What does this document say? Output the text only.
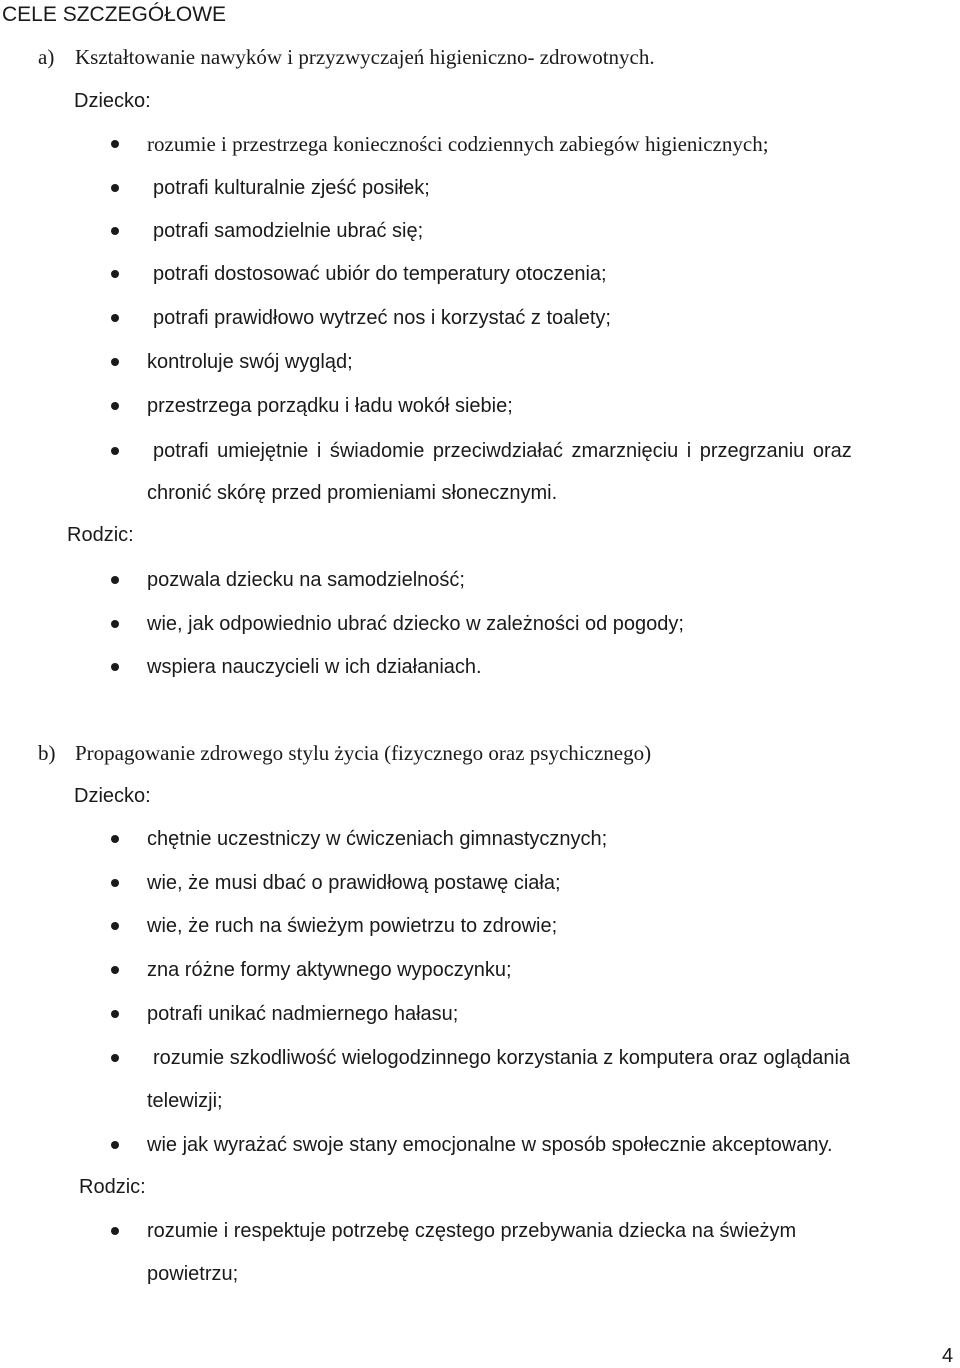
CELE SZCZEGÓŁOWE
a) Kształtowanie nawyków i przyzwyczajeń higieniczno- zdrowotnych.
Dziecko:
rozumie i przestrzega konieczności codziennych zabiegów higienicznych;
potrafi kulturalnie zjeść posiłek;
potrafi samodzielnie ubrać się;
potrafi dostosować ubiór do temperatury otoczenia;
potrafi prawidłowo wytrzeć nos i korzystać z toalety;
kontroluje swój wygląd;
przestrzega porządku i ładu wokół siebie;
potrafi umiejętnie i świadomie przeciwdziałać zmarznięciu i przegrzaniu oraz
chronić skórę przed promieniami słonecznymi.
Rodzic:
pozwala dziecku na samodzielność;
wie, jak odpowiednio ubrać dziecko w zależności od pogody;
wspiera nauczycieli w ich działaniach.
b) Propagowanie zdrowego stylu życia (fizycznego oraz psychicznego)
Dziecko:
chętnie uczestniczy w ćwiczeniach gimnastycznych;
wie, że musi dbać o prawidłową postawę ciała;
wie, że ruch na świeżym powietrzu to zdrowie;
zna różne formy aktywnego wypoczynku;
potrafi unikać nadmiernego hałasu;
rozumie szkodliwość wielogodzinnego korzystania z komputera oraz oglądania
telewizji;
wie jak wyrażać swoje stany emocjonalne w sposób społecznie akceptowany.
Rodzic:
rozumie i respektuje potrzebę częstego przebywania dziecka na świeżym
powietrzu;
4
